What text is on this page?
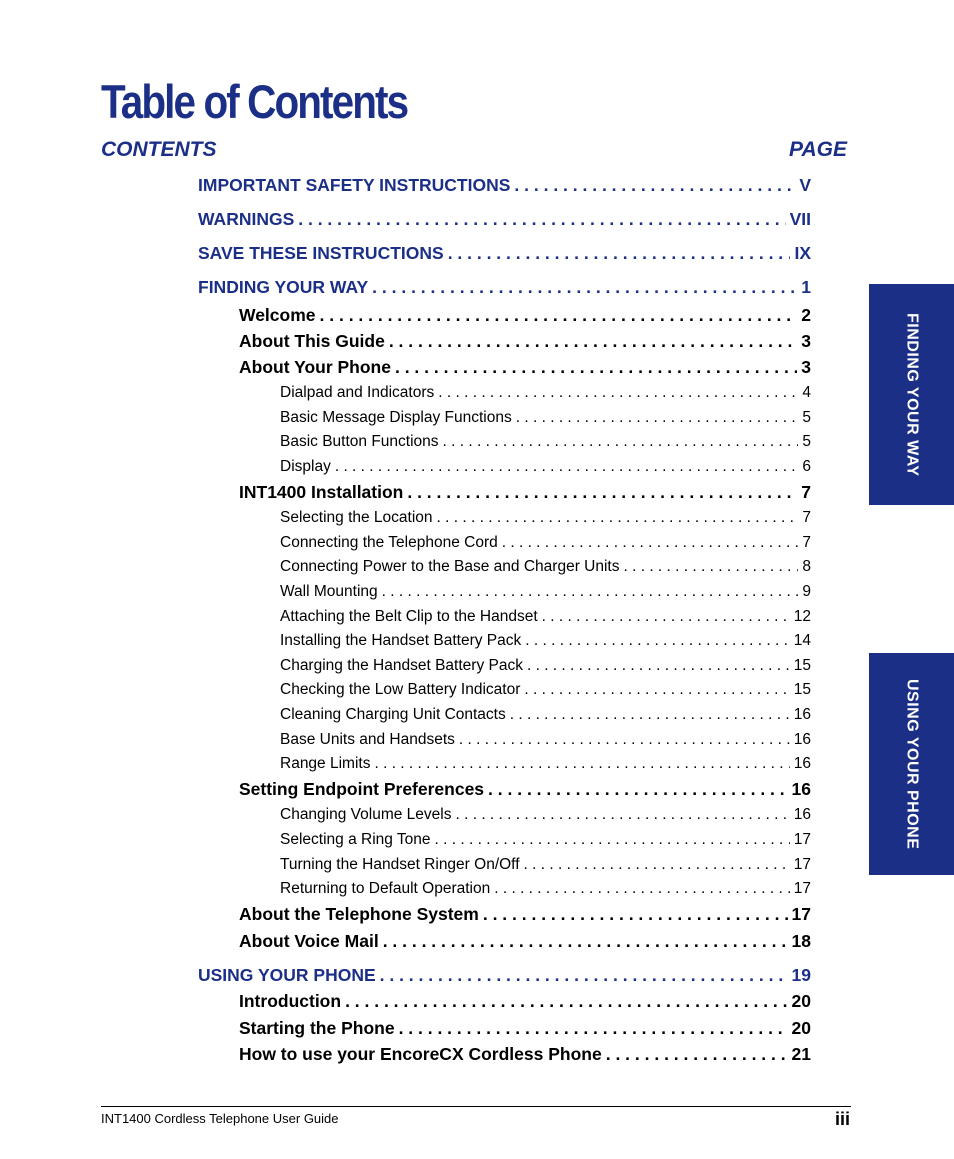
Table of Contents
CONTENTS	PAGE
IMPORTANT SAFETY INSTRUCTIONS . . .	V
WARNINGS . . .	VII
SAVE THESE INSTRUCTIONS . . .	IX
FINDING YOUR WAY . . .	1
Welcome . . .	2
About This Guide . . .	3
About Your Phone . . .	3
Dialpad and Indicators . . .	4
Basic Message Display Functions . . .	5
Basic Button Functions . . .	5
Display . . .	6
INT1400 Installation . . .	7
Selecting the Location . . .	7
Connecting the Telephone Cord . . .	7
Connecting Power to the Base and Charger Units . . .	8
Wall Mounting . . .	9
Attaching the Belt Clip to the Handset . . .	12
Installing the Handset Battery Pack . . .	14
Charging the Handset Battery Pack . . .	15
Checking the Low Battery Indicator . . .	15
Cleaning Charging Unit Contacts . . .	16
Base Units and Handsets . . .	16
Range Limits . . .	16
Setting Endpoint Preferences . . .	16
Changing Volume Levels . . .	16
Selecting a Ring Tone . . .	17
Turning the Handset Ringer On/Off . . .	17
Returning to Default Operation . . .	17
About the Telephone System . . .	17
About Voice Mail . . .	18
USING YOUR PHONE . . .	19
Introduction . . .	20
Starting the Phone . . .	20
How to use your EncoreCX Cordless Phone . . .	21
FINDING YOUR WAY
USING YOUR PHONE
INT1400 Cordless Telephone User Guide	iii
